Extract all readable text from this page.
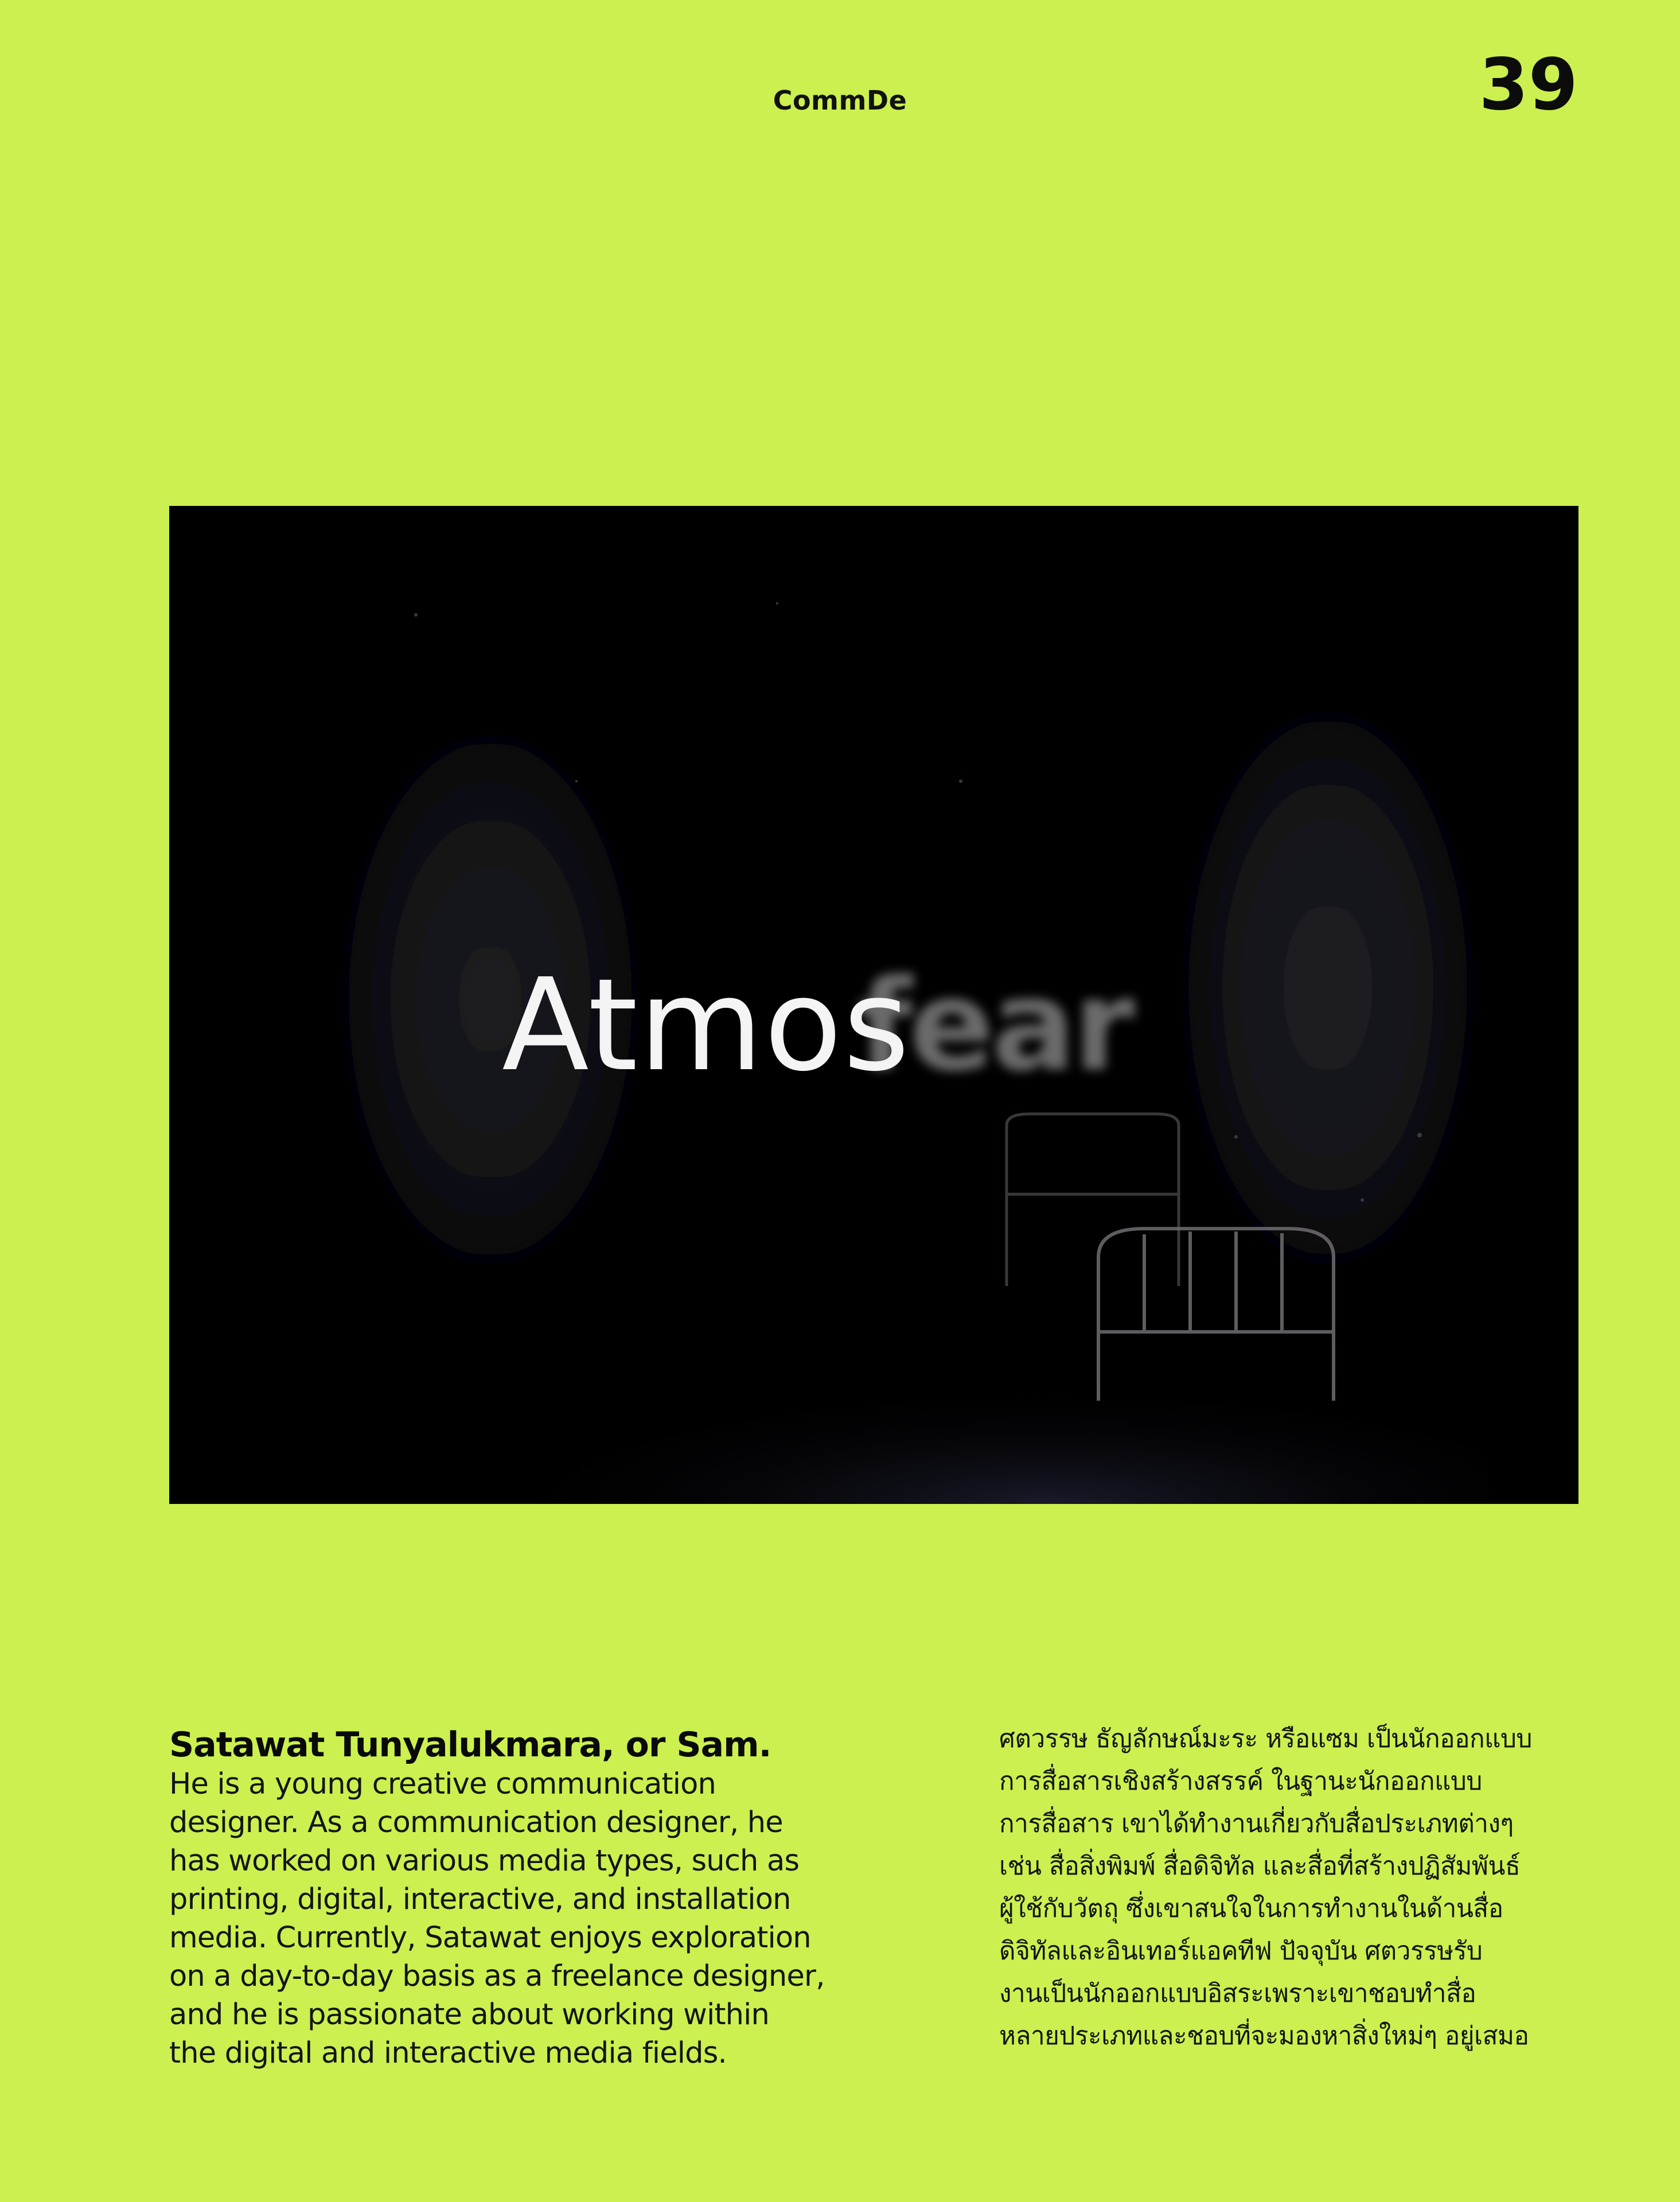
CommDe	39
fear
Atmos
Satawat Tunyalukmara, or Sam.
He is a young creative communication
designer. As a communication designer, he
has worked on various media types, such as
printing, digital, interactive, and installation
media. Currently, Satawat enjoys exploration
on a day-to-day basis as a freelance designer,
and he is passionate about working within
the digital and interactive media fields.
ศตวรรษ ธัญลักษณ์มะระ หรือแซม เป็นนักออกแบบ
การสื่อสารเชิงสร้างสรรค์ ในฐานะนักออกแบบ
การสื่อสาร เขาได้ทำงานเกี่ยวกับสื่อประเภทต่างๆ
เช่น สื่อสิ่งพิมพ์ สื่อดิจิทัล และสื่อที่สร้างปฏิสัมพันธ์
ผู้ใช้กับวัตถุ ซึ่งเขาสนใจในการทำงานในด้านสื่อ
ดิจิทัลและอินเทอร์แอคทีฟ ปัจจุบัน ศตวรรษรับ
งานเป็นนักออกแบบอิสระเพราะเขาชอบทำสื่อ
หลายประเภทและชอบที่จะมองหาสิ่งใหม่ๆ อยู่เสมอ
